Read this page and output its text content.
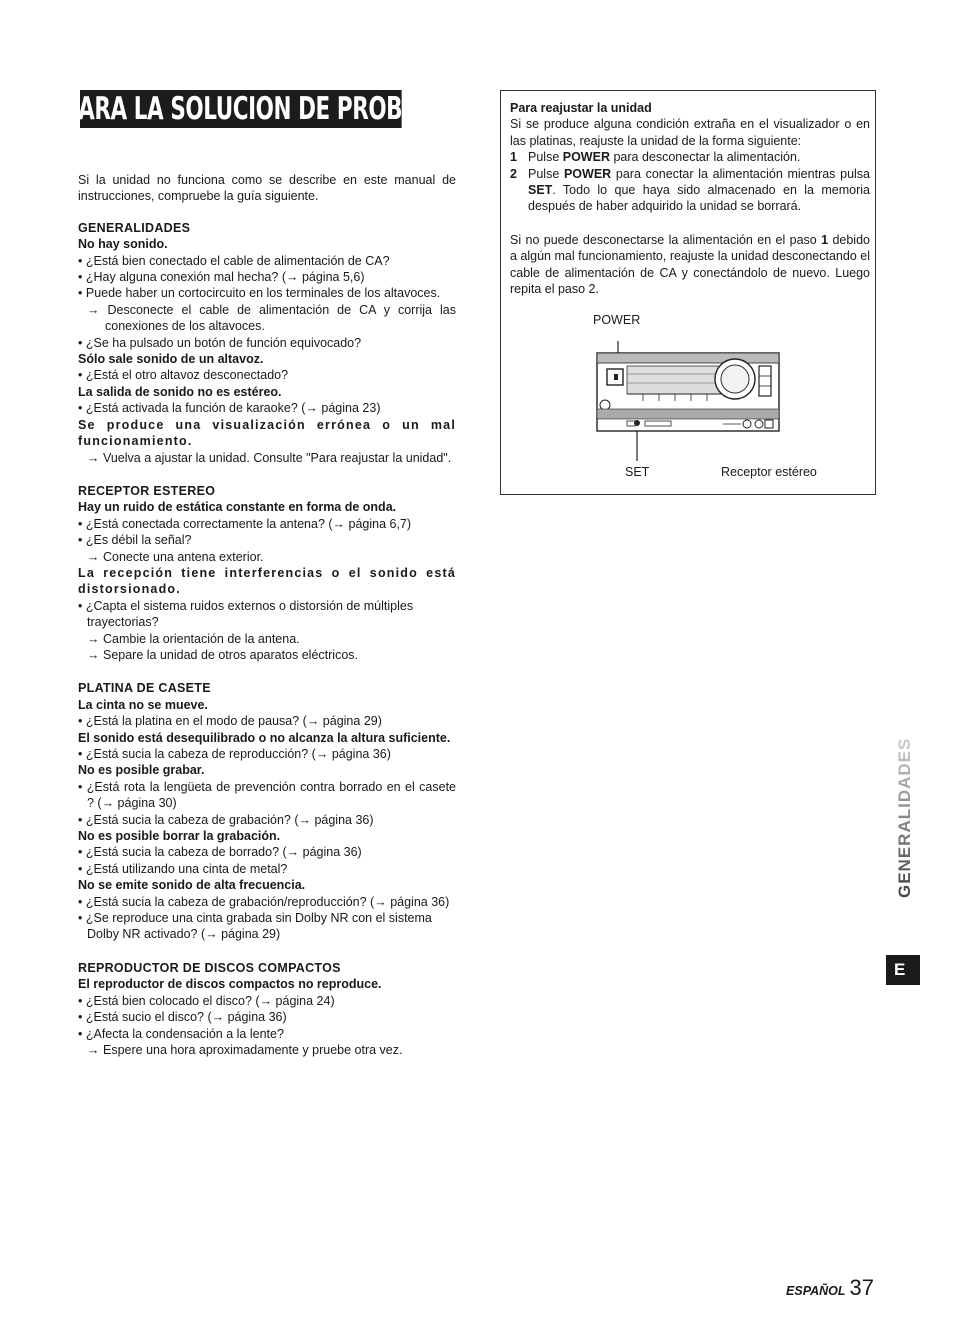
GUIA PARA LA SOLUCION DE PROBLEMAS

Si la unidad no funciona como se describe en este manual de instrucciones, compruebe la guía siguiente.

GENERALIDADES

No hay sonido.

• ¿Está bien conectado el cable de alimentación de CA?

• ¿Hay alguna conexión mal hecha? (→ página 5,6)

• Puede haber un cortocircuito en los terminales de los altavoces.

→ Desconecte el cable de alimentación de CA y corrija las conexiones de los altavoces.

• ¿Se ha pulsado un botón de función equivocado?

Sólo sale sonido de un altavoz.

• ¿Está el otro altavoz desconectado?

La salida de sonido no es estéreo.

• ¿Está activada la función de karaoke? (→ página 23)

Se produce una visualización errónea o un mal funcionamiento.

→ Vuelva a ajustar la unidad. Consulte "Para reajustar la unidad".

RECEPTOR ESTEREO

Hay un ruido de estática constante en forma de onda.

• ¿Está conectada correctamente la antena? (→ página 6,7)

• ¿Es débil la señal?

→ Conecte una antena exterior.

La recepción tiene interferencias o el sonido está distorsionado.

• ¿Capta el sistema ruidos externos o distorsión de múltiples trayectorias?

→ Cambie la orientación de la antena.

→ Separe la unidad de otros aparatos eléctricos.

PLATINA DE CASETE

La cinta no se mueve.

• ¿Está la platina en el modo de pausa? (→ página 29)

El sonido está desequilibrado o no alcanza la altura suficiente.

• ¿Está sucia la cabeza de reproducción? (→ página 36)

No es posible grabar.

• ¿Está rota la lengüeta de prevención contra borrado en el casete ? (→ página 30)

• ¿Está sucia la cabeza de grabación? (→ página 36)

No es posible borrar la grabación.

• ¿Está sucia la cabeza de borrado? (→ página 36)

• ¿Está utilizando una cinta de metal?

No se emite sonido de alta frecuencia.

• ¿Está sucia la cabeza de grabación/reproducción? (→ página 36)

• ¿Se reproduce una cinta grabada sin Dolby NR con el sistema Dolby NR activado? (→ página 29)

REPRODUCTOR DE DISCOS COMPACTOS

El reproductor de discos compactos no reproduce.

• ¿Está bien colocado el disco? (→ página 24)

• ¿Está sucio el disco? (→ página 36)

• ¿Afecta la condensación a la lente?

→ Espere una hora aproximadamente y pruebe otra vez.

Para reajustar la unidad

Si se produce alguna condición extraña en el visualizador o en las platinas, reajuste la unidad de la forma siguiente:

1 Pulse POWER para desconectar la alimentación.

2 Pulse POWER para conectar la alimentación mientras pulsa SET. Todo lo que haya sido almacenado en la memoria después de haber adquirido la unidad se borrará.

Si no puede desconectarse la alimentación en el paso 1 debido a algún mal funcionamiento, reajuste la unidad desconectando el cable de alimentación de CA y conectándolo de nuevo. Luego repita el paso 2.

POWER
SET	Receptor estéreo
GENERALIDADES
E
ESPAÑOL 37
